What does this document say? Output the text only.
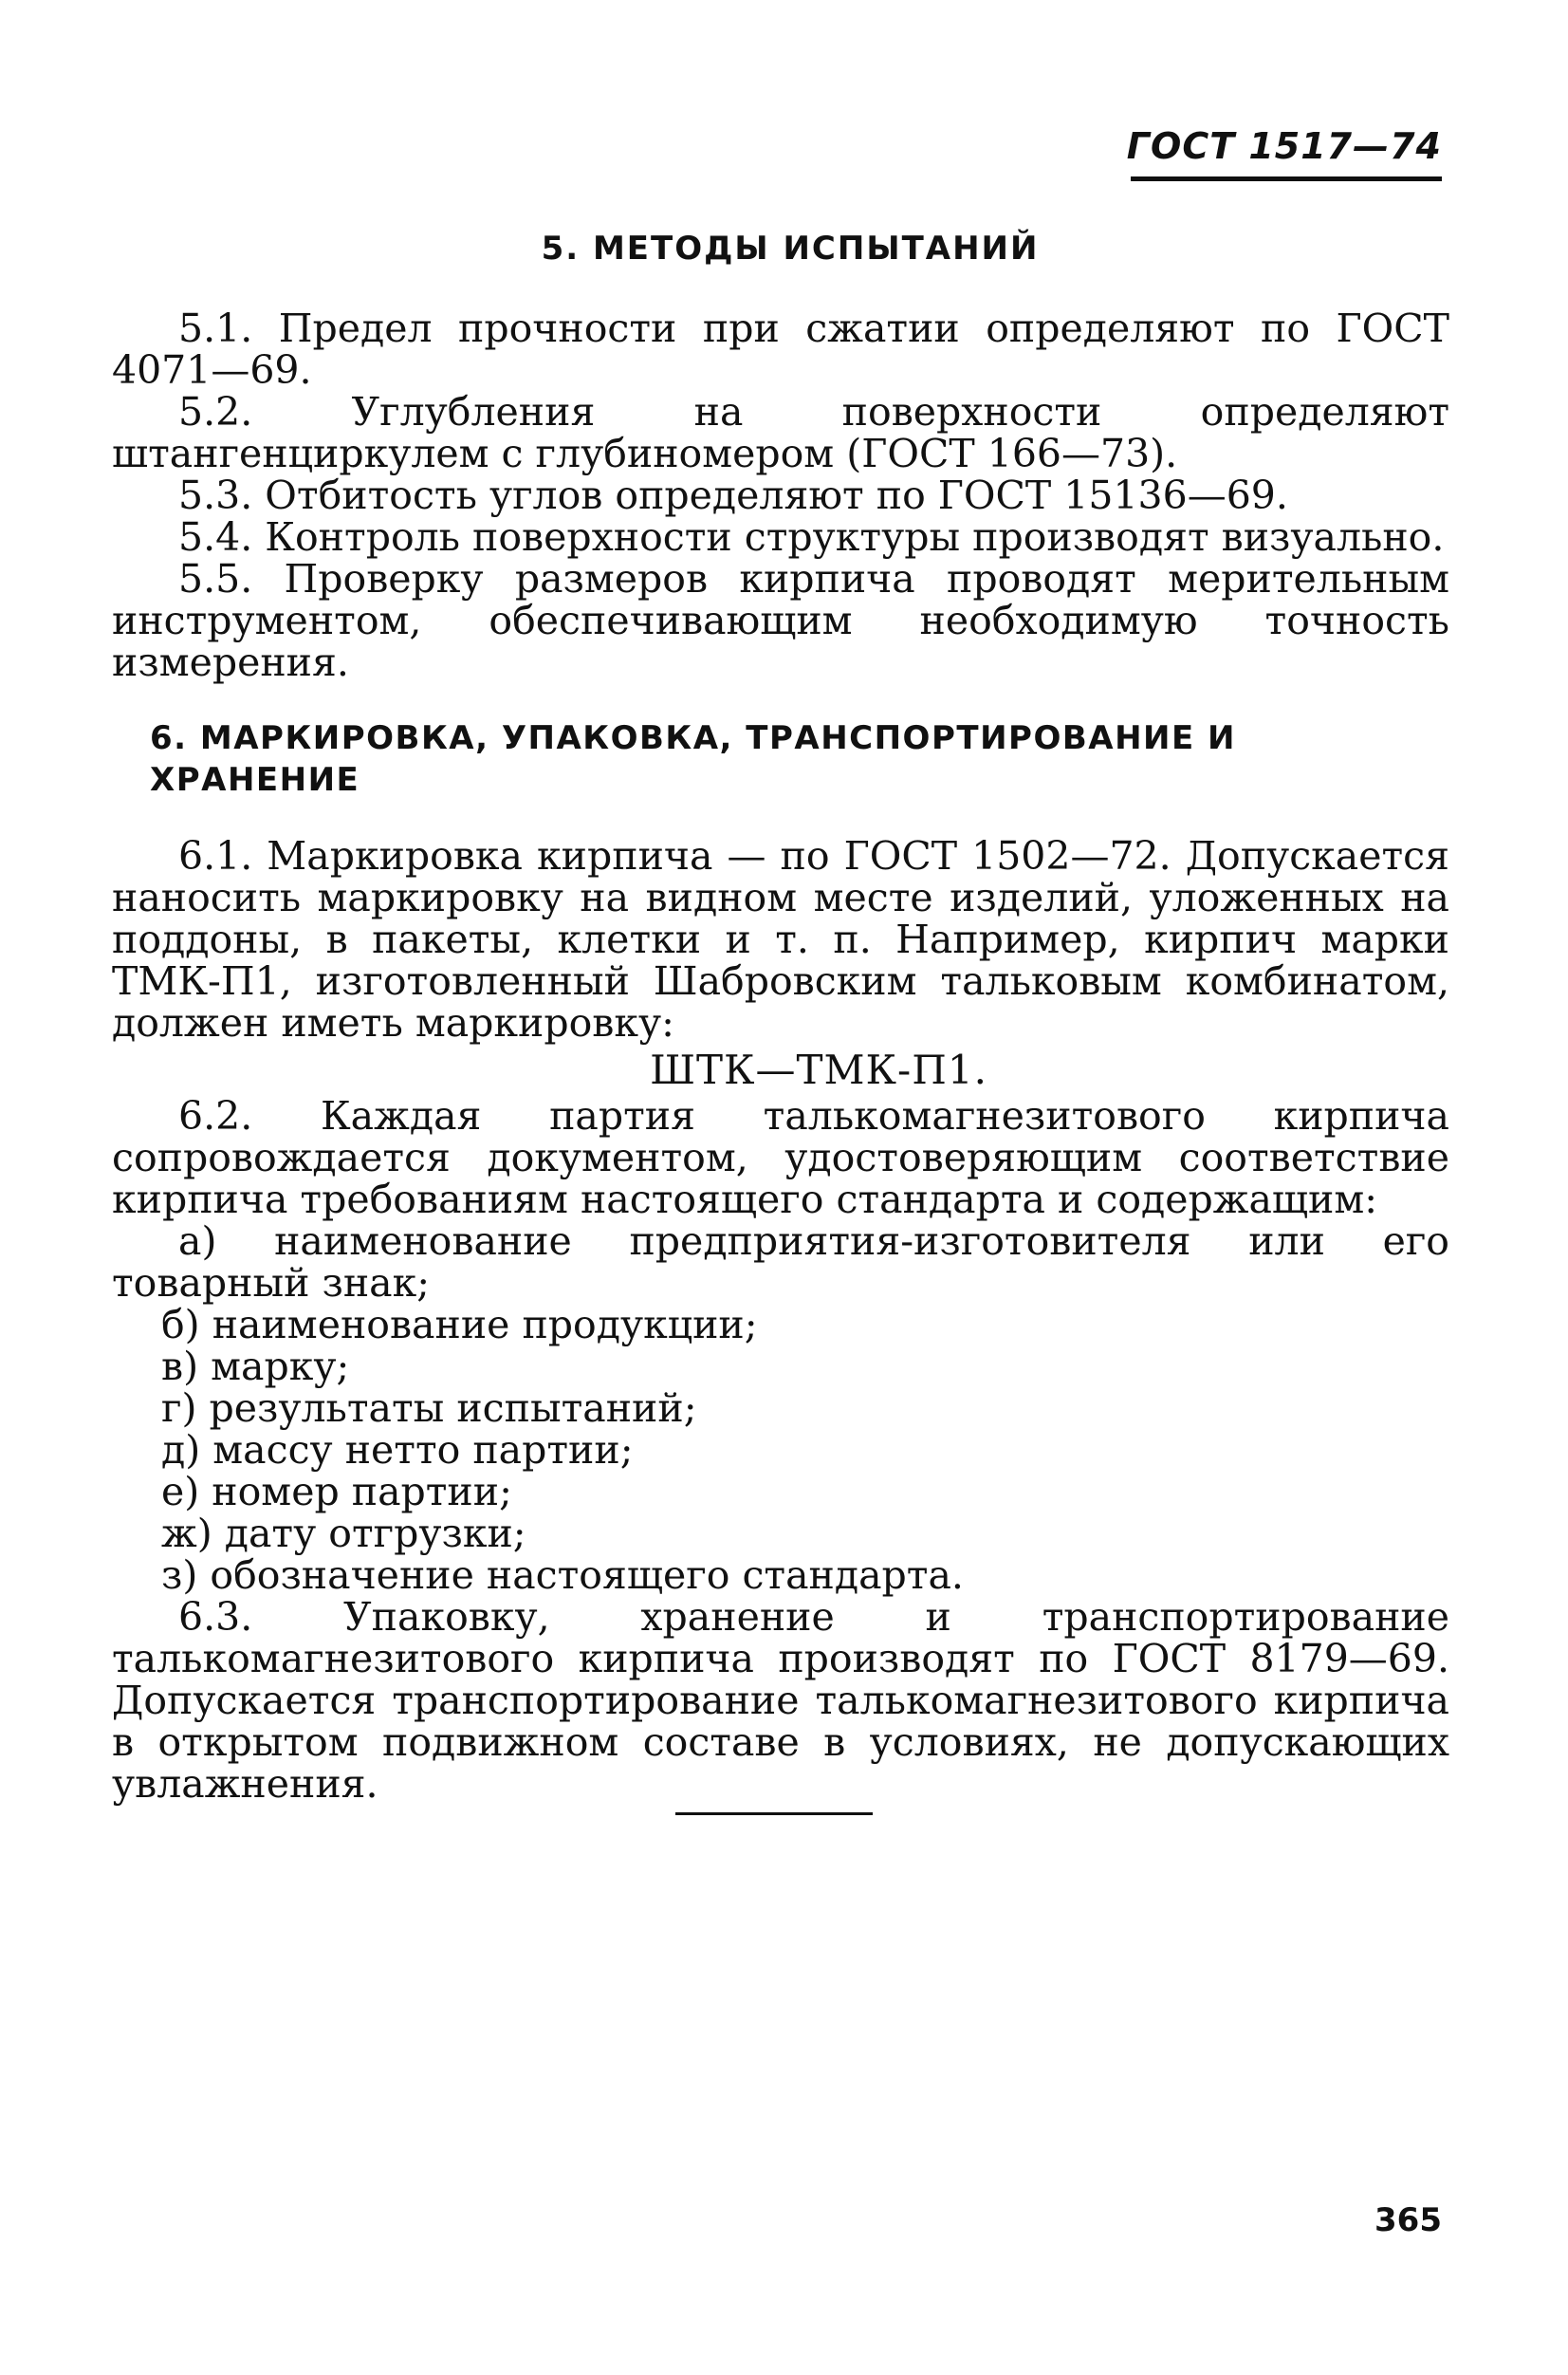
ГОСТ 1517—74
5. МЕТОДЫ ИСПЫТАНИЙ

5.1. Предел прочности при сжатии определяют по ГОСТ 4071—69.

5.2. Углубления на поверхности определяют штангенциркулем с глубиномером (ГОСТ 166—73).

5.3. Отбитость углов определяют по ГОСТ 15136—69.

5.4. Контроль поверхности структуры производят визуально.

5.5. Проверку размеров кирпича проводят мерительным инструментом, обеспечивающим необходимую точность измерения.

6. МАРКИРОВКА, УПАКОВКА, ТРАНСПОРТИРОВАНИЕ И ХРАНЕНИЕ

6.1. Маркировка кирпича — по ГОСТ 1502—72. Допускается наносить маркировку на видном месте изделий, уложенных на поддоны, в пакеты, клетки и т. п. Например, кирпич марки ТМК-П1, изготовленный Шабровским тальковым комбинатом, должен иметь маркировку:

ШТК—ТМК-П1.

6.2. Каждая партия талькомагнезитового кирпича сопровождается документом, удостоверяющим соответствие кирпича требованиям настоящего стандарта и содержащим:

а) наименование предприятия-изготовителя или его товарный знак;

б) наименование продукции;

в) марку;

г) результаты испытаний;

д) массу нетто партии;

е) номер партии;

ж) дату отгрузки;

з) обозначение настоящего стандарта.

6.3. Упаковку, хранение и транспортирование талькомагнезитового кирпича производят по ГОСТ 8179—69. Допускается транспортирование талькомагнезитового кирпича в открытом подвижном составе в условиях, не допускающих увлажнения.

365
